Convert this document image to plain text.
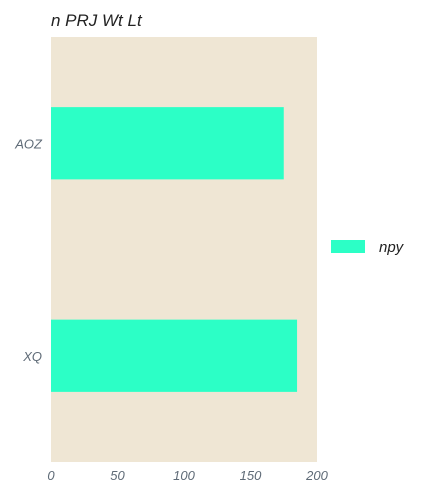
n PRJ Wt Lt
AOZ
XQ
0	50	100	150	200
npy
